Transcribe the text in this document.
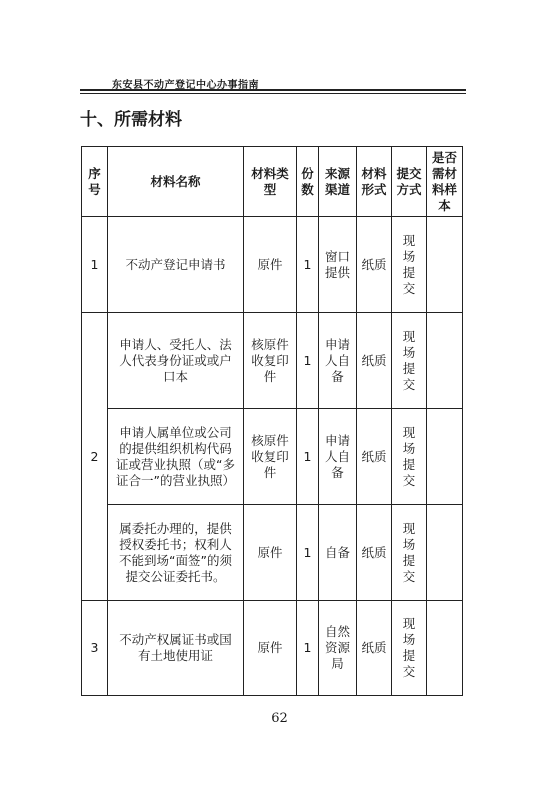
东安县不动产登记中心办事指南
十、所需材料
序号	材料名称	材料类型	份数	来源渠道	材料形式	提交方式	是否需材料样本
1	不动产登记申请书	原件	1	窗口提供	纸质	现场提交	
2	申请人、受托人、法人代表身份证或或户口本	核原件收复印件	1	申请人自备	纸质	现场提交	
	申请人属单位或公司的提供组织机构代码证或营业执照（或“多证合一”的营业执照）	核原件收复印件	1	申请人自备	纸质	现场提交	
	属委托办理的，提供授权委托书；权利人不能到场“面签”的须提交公证委托书。	原件	1	自备	纸质	现场提交	
3	不动产权属证书或国有土地使用证	原件	1	自然资源局	纸质	现场提交	
62
